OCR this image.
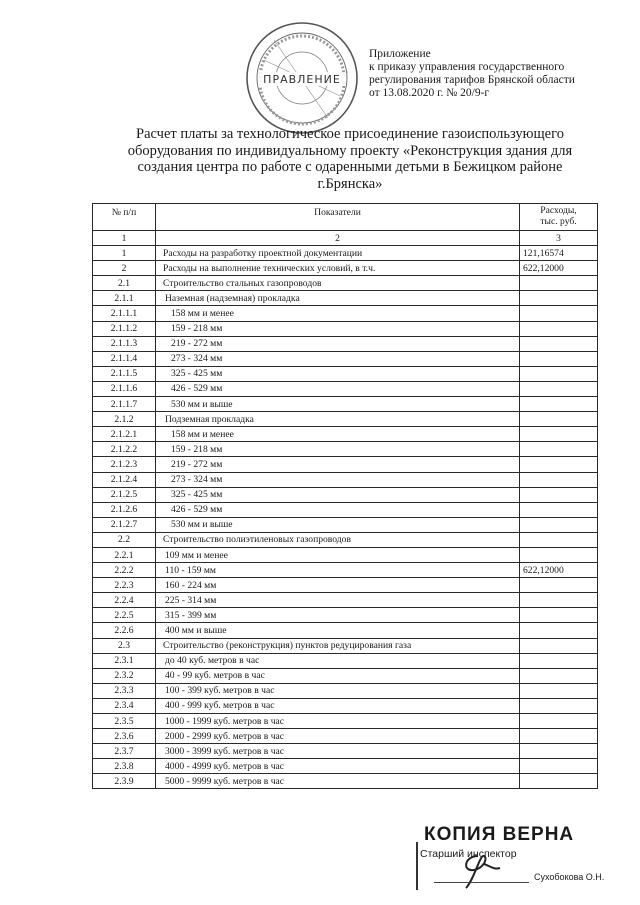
ПРАВЛЕНИЕ
Приложение
к приказу управления государственного
регулирования тарифов Брянской области
от 13.08.2020 г. № 20/9-г
Расчет платы за технологическое присоединение газоиспользующего
оборудования по индивидуальному проекту «Реконструкция здания для
создания центра по работе с одаренными детьми в Бежицком районе
г.Брянска»
№ п/п	Показатели	Расходы,
тыс. руб.
1	2	3
1	Расходы на разработку проектной документации	121,16574
2	Расходы на выполнение технических условий, в т.ч.	622,12000
2.1	Строительство стальных газопроводов	
2.1.1	Наземная (надземная) прокладка	
2.1.1.1	158 мм и менее	
2.1.1.2	159 - 218 мм	
2.1.1.3	219 - 272 мм	
2.1.1.4	273 - 324 мм	
2.1.1.5	325 - 425 мм	
2.1.1.6	426 - 529 мм	
2.1.1.7	530 мм и выше	
2.1.2	Подземная прокладка	
2.1.2.1	158 мм и менее	
2.1.2.2	159 - 218 мм	
2.1.2.3	219 - 272 мм	
2.1.2.4	273 - 324 мм	
2.1.2.5	325 - 425 мм	
2.1.2.6	426 - 529 мм	
2.1.2.7	530 мм и выше	
2.2	Строительство полиэтиленовых газопроводов	
2.2.1	109 мм и менее	
2.2.2	110 - 159 мм	622,12000
2.2.3	160 - 224 мм	
2.2.4	225 - 314 мм	
2.2.5	315 - 399 мм	
2.2.6	400 мм и выше	
2.3	Строительство (реконструкция) пунктов редуцирования газа	
2.3.1	до 40 куб. метров в час	
2.3.2	40 - 99 куб. метров в час	
2.3.3	100 - 399 куб. метров в час	
2.3.4	400 - 999 куб. метров в час	
2.3.5	1000 - 1999 куб. метров в час	
2.3.6	2000 - 2999 куб. метров в час	
2.3.7	3000 - 3999 куб. метров в час	
2.3.8	4000 - 4999 куб. метров в час	
2.3.9	5000 - 9999 куб. метров в час	
КОПИЯ ВЕРНА
Старший инспектор
Сухобокова О.Н.
